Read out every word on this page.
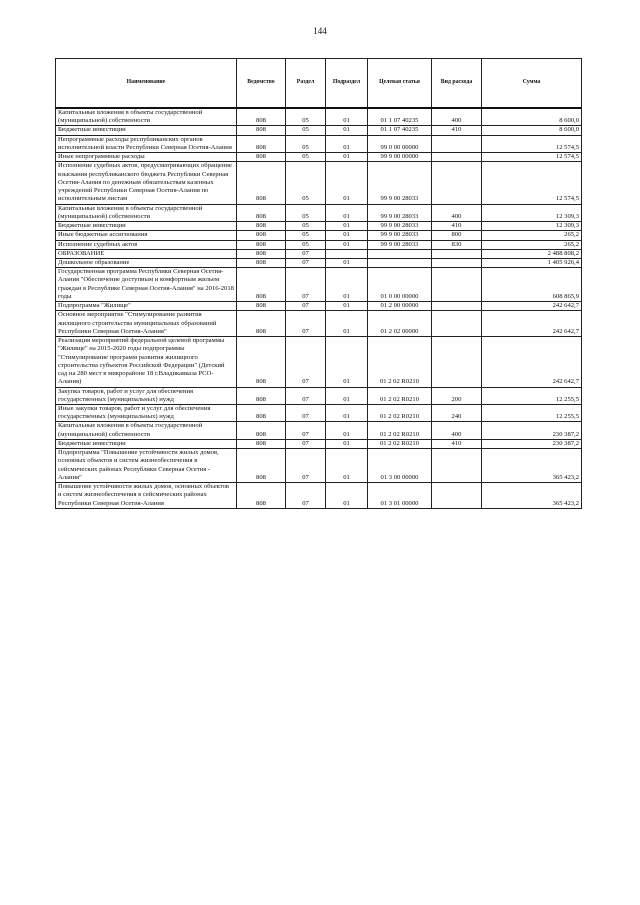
144
Наименование	Ведомство	Раздел	Подраздел	Целевая статья	Вид расхода	Сумма
Капитальные вложения в объекты государственной (муниципальной) собственности	808	05	01	01 1 07 40235	400	8 600,0
Бюджетные инвестиции	808	05	01	01 1 07 40235	410	8 600,0
Непрограммные расходы республиканских органов исполнительной власти Республики Северная Осетия-Алания	808	05	01	99 0 00 00000		12 574,5
Иные непрограммные расходы	808	05	01	99 9 00 00000		12 574,5
Исполнение судебных актов, предусматривающих обращение взыскания республиканского бюджета Республики Северная Осетия-Алания по денежным обязательствам казенных учреждений Республики Северная Осетия-Алания по исполнительным листам	808	05	01	99 9 00 28033		12 574,5
Капитальные вложения в объекты государственной (муниципальной) собственности	808	05	01	99 9 00 28033	400	12 309,3
Бюджетные инвестиции	808	05	01	99 9 00 28033	410	12 309,3
Иные бюджетные ассигнования	808	05	01	99 9 00 28033	800	265,2
Исполнение судебных актов	808	05	01	99 9 00 28033	830	265,2
ОБРАЗОВАНИЕ	808	07				2 488 808,2
Дошкольное образование	808	07	01			1 405 926,4
Государственная программа Республики Северная Осетия-Алания "Обеспечение доступным и комфортным жильем граждан в Республике Северная Осетия-Алания" на 2016-2018 годы	808	07	01	01 0 00 00000		608 865,9
Подпрограмма "Жилище"	808	07	01	01 2 00 00000		242 642,7
Основное мероприятие "Стимулирование развития жилищного строительства муниципальных образований Республики Северная Осетия-Алания"	808	07	01	01 2 02 00000		242 642,7
Реализация мероприятий федеральной целевой программы "Жилище" на 2015-2020 годы подпрограммы "Стимулирование программ развития жилищного строительства субъектов Российской Федерации" (Детский сад на 280 мест в микрорайоне 18 г.Владикавказа РСО-Алания)	808	07	01	01 2 02 R0210		242 642,7
Закупка товаров, работ и услуг для обеспечения государственных (муниципальных) нужд	808	07	01	01 2 02 R0210	200	12 255,5
Иные закупки товаров, работ и услуг для обеспечения государственных (муниципальных) нужд	808	07	01	01 2 02 R0210	240	12 255,5
Капитальные вложения в объекты государственной (муниципальной) собственности	808	07	01	01 2 02 R0210	400	230 387,2
Бюджетные инвестиции	808	07	01	01 2 02 R0210	410	230 387,2
Подпрограмма "Повышение устойчивости жилых домов, основных объектов и систем жизнеобеспечения в сейсмических районах Республики Северная Осетия - Алания"	808	07	01	01 3 00 00000		365 423,2
Повышение устойчивости жилых домов, основных объектов и систем жизнеобеспечения в сейсмических районах Республики Северная Осетия-Алания	808	07	01	01 3 01 00000		365 423,2
